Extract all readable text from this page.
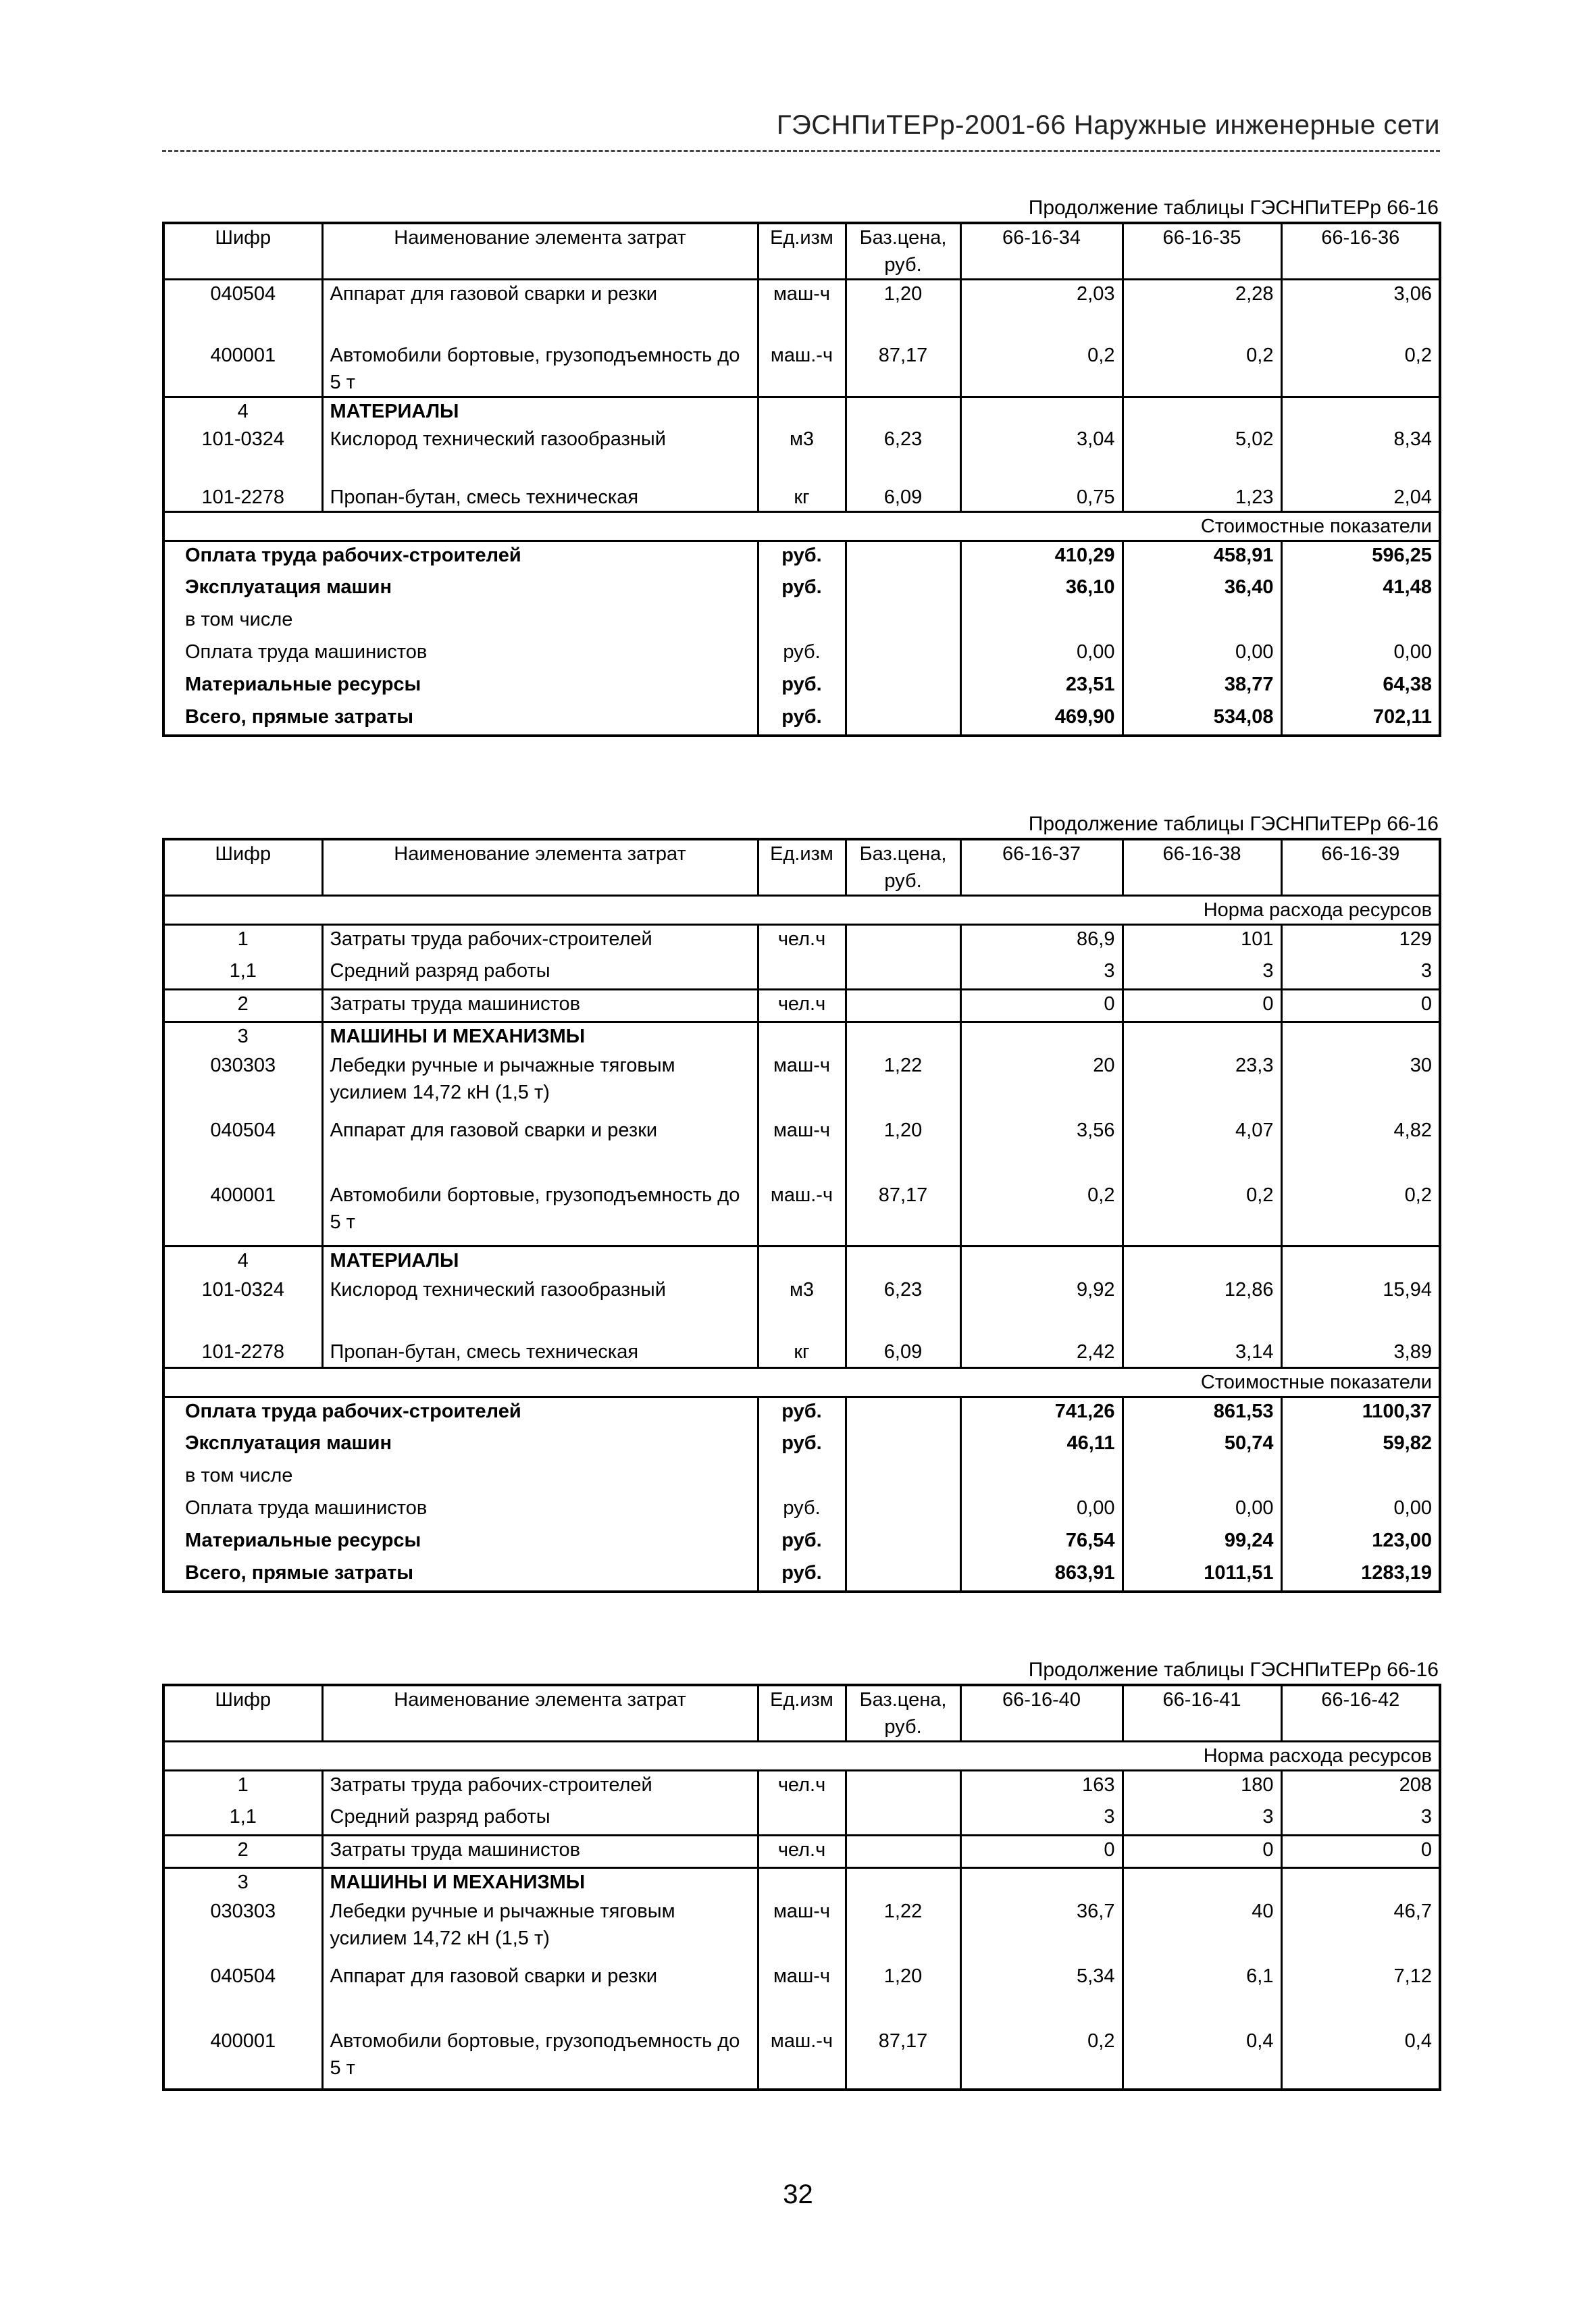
ГЭСНПиТЕРр-2001-66 Наружные инженерные сети
Продолжение таблицы ГЭСНПиТЕРр 66-16
Шифр	Наименование элемента затрат	Ед.изм	Баз.цена, руб.	66-16-34	66-16-35	66-16-36
040504	Аппарат для газовой сварки и резки	маш-ч	1,20	2,03	2,28	3,06
400001	Автомобили бортовые, грузоподъемность до 5 т	маш.-ч	87,17	0,2	0,2	0,2
4	МАТЕРИАЛЫ					
101-0324	Кислород технический газообразный	м3	6,23	3,04	5,02	8,34
101-2278	Пропан-бутан, смесь техническая	кг	6,09	0,75	1,23	2,04
Стоимостные показатели						
Оплата труда рабочих-строителей		руб.		410,29	458,91	596,25
Эксплуатация машин		руб.		36,10	36,40	41,48
в том числе						
Оплата труда машинистов		руб.		0,00	0,00	0,00
Материальные ресурсы		руб.		23,51	38,77	64,38
Всего, прямые затраты		руб.		469,90	534,08	702,11
Продолжение таблицы ГЭСНПиТЕРр 66-16
Шифр	Наименование элемента затрат	Ед.изм	Баз.цена, руб.	66-16-37	66-16-38	66-16-39
Норма расхода ресурсов						
1	Затраты труда рабочих-строителей	чел.ч		86,9	101	129
1,1	Средний разряд работы			3	3	3
2	Затраты труда машинистов	чел.ч		0	0	0
3	МАШИНЫ И МЕХАНИЗМЫ					
030303	Лебедки ручные и рычажные тяговым усилием 14,72 кН (1,5 т)	маш-ч	1,22	20	23,3	30
040504	Аппарат для газовой сварки и резки	маш-ч	1,20	3,56	4,07	4,82
400001	Автомобили бортовые, грузоподъемность до 5 т	маш.-ч	87,17	0,2	0,2	0,2
4	МАТЕРИАЛЫ					
101-0324	Кислород технический газообразный	м3	6,23	9,92	12,86	15,94
101-2278	Пропан-бутан, смесь техническая	кг	6,09	2,42	3,14	3,89
Стоимостные показатели						
Оплата труда рабочих-строителей		руб.		741,26	861,53	1100,37
Эксплуатация машин		руб.		46,11	50,74	59,82
в том числе						
Оплата труда машинистов		руб.		0,00	0,00	0,00
Материальные ресурсы		руб.		76,54	99,24	123,00
Всего, прямые затраты		руб.		863,91	1011,51	1283,19
Продолжение таблицы ГЭСНПиТЕРр 66-16
Шифр	Наименование элемента затрат	Ед.изм	Баз.цена, руб.	66-16-40	66-16-41	66-16-42
Норма расхода ресурсов						
1	Затраты труда рабочих-строителей	чел.ч		163	180	208
1,1	Средний разряд работы			3	3	3
2	Затраты труда машинистов	чел.ч		0	0	0
3	МАШИНЫ И МЕХАНИЗМЫ					
030303	Лебедки ручные и рычажные тяговым усилием 14,72 кН (1,5 т)	маш-ч	1,22	36,7	40	46,7
040504	Аппарат для газовой сварки и резки	маш-ч	1,20	5,34	6,1	7,12
400001	Автомобили бортовые, грузоподъемность до 5 т	маш.-ч	87,17	0,2	0,4	0,4
32
